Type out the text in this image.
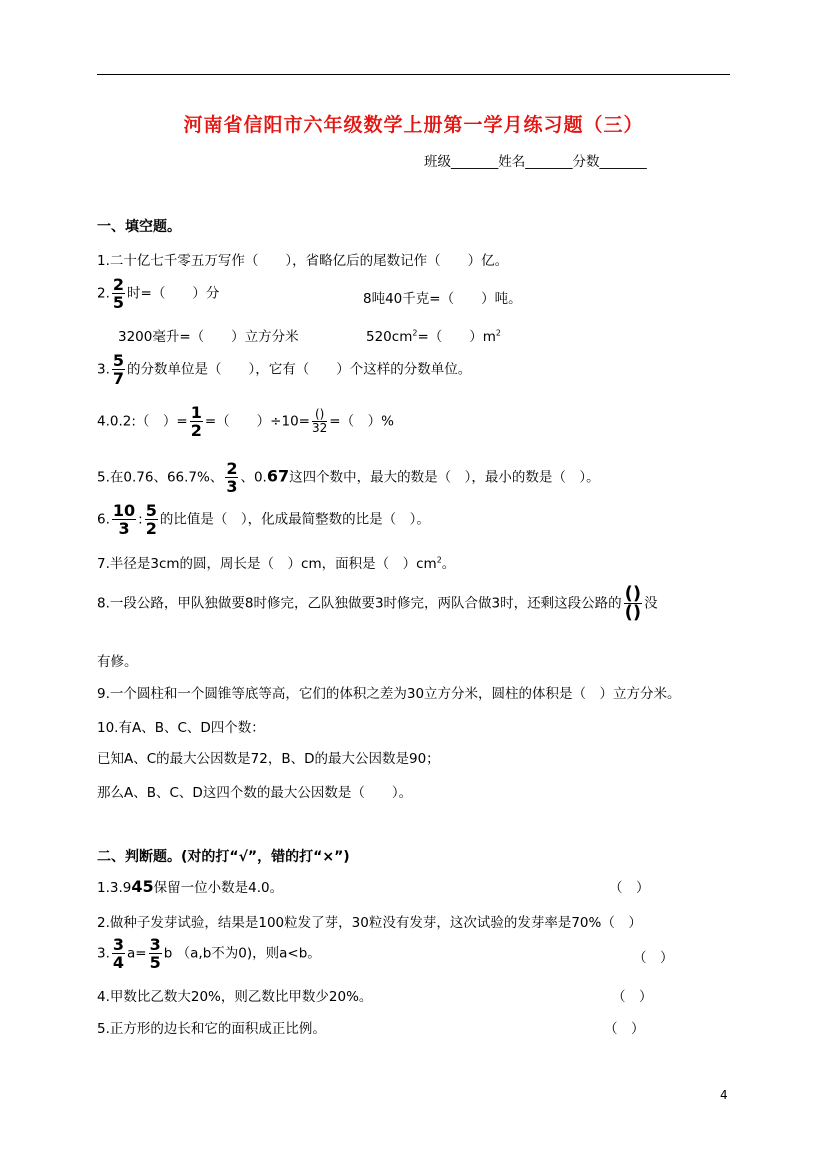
河南省信阳市六年级数学上册第一学月练习题（三）
班级_______姓名_______分数_______
一、填空题。
1.二十亿七千零五万写作（　　），省略亿后的尾数记作（　　）亿。
2. $\frac{2}{5}$ 时=（　　）分	8吨40千克=（　　）吨。
3200毫升=（　　）立方分米	$520cm^2=$（　　）$m^2$
3. $\frac{5}{7}$ 的分数单位是（　　），它有（　　）个这样的分数单位。
4.0.2:（　）= $\frac{1}{2}$ =（　　）$\div 10= \frac{()}{32}$ =（　）%
5.在0.76、66.7%、 $\frac{2}{3}$ 、0.67这四个数中，最大的数是（　），最小的数是（　）。
6. $\frac{10}{3}$ : $\frac{5}{2}$ 的比值是（　），化成最简整数的比是（　）。
7.半径是3cm的圆，周长是（　）cm，面积是（　）$cm^2$。
8.一段公路，甲队独做要8时修完，乙队独做要3时修完，两队合做3时，还剩这段公路的 $\frac{()}{()}$ 没
有修。
9.一个圆柱和一个圆锥等底等高，它们的体积之差为30立方分米，圆柱的体积是（　）立方分米。
10.有A、B、C、D四个数：
已知A、C的最大公因数是72，B、D的最大公因数是90；
那么A、B、C、D这四个数的最大公因数是（　　）。
二、判断题。(对的打“√”，错的打“×”)
1.3.945保留一位小数是4.0。	（　）
2.做种子发芽试验，结果是100粒发了芽，30粒没有发芽，这次试验的发芽率是70%（　）
3. $\frac{3}{4} a= \frac{3}{5}$ b （a,b不为0)，则a<b。	（　）
4.甲数比乙数大20%，则乙数比甲数少20%。	（　）
5.正方形的边长和它的面积成正比例。	（　）
4
